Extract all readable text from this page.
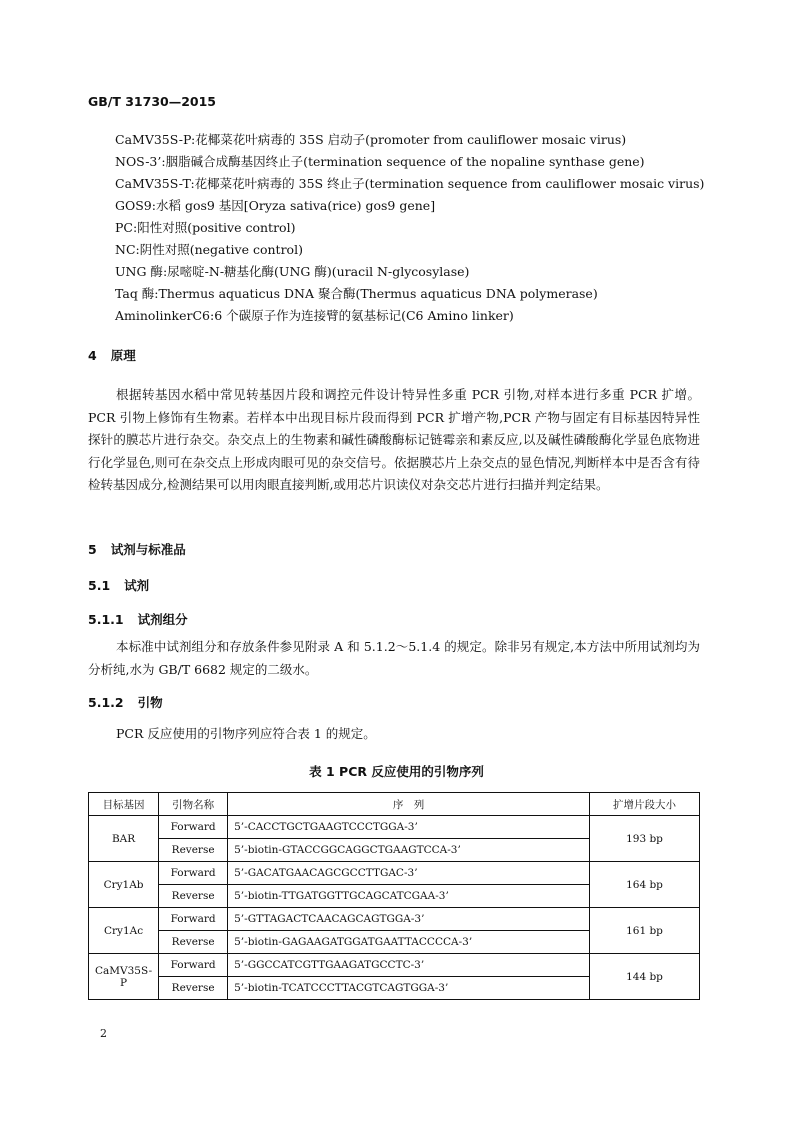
GB/T 31730—2015
CaMV35S-P:花椰菜花叶病毒的 35S 启动子(promoter from cauliflower mosaic virus)
NOS-3’:胭脂碱合成酶基因终止子(termination sequence of the nopaline synthase gene)
CaMV35S-T:花椰菜花叶病毒的 35S 终止子(termination sequence from cauliflower mosaic virus)
GOS9:水稻 gos9 基因[Oryza sativa(rice) gos9 gene]
PC:阳性对照(positive control)
NC:阴性对照(negative control)
UNG 酶:尿嘧啶-N-糖基化酶(UNG 酶)(uracil N-glycosylase)
Taq 酶:Thermus aquaticus DNA 聚合酶(Thermus aquaticus DNA polymerase)
AminolinkerC6:6 个碳原子作为连接臂的氨基标记(C6 Amino linker)
4 原理
根据转基因水稻中常见转基因片段和调控元件设计特异性多重 PCR 引物,对样本进行多重 PCR 扩增。PCR 引物上修饰有生物素。若样本中出现目标片段而得到 PCR 扩增产物,PCR 产物与固定有目标基因特异性探针的膜芯片进行杂交。杂交点上的生物素和碱性磷酸酶标记链霉亲和素反应,以及碱性磷酸酶化学显色底物进行化学显色,则可在杂交点上形成肉眼可见的杂交信号。依据膜芯片上杂交点的显色情况,判断样本中是否含有待检转基因成分,检测结果可以用肉眼直接判断,或用芯片识读仪对杂交芯片进行扫描并判定结果。
5 试剂与标准品
5.1 试剂
5.1.1 试剂组分
本标准中试剂组分和存放条件参见附录 A 和 5.1.2～5.1.4 的规定。除非另有规定,本方法中所用试剂均为分析纯,水为 GB/T 6682 规定的二级水。
5.1.2 引物
PCR 反应使用的引物序列应符合表 1 的规定。
表 1 PCR 反应使用的引物序列
目标基因	引物名称	序　列	扩增片段大小
BAR	Forward	5’-CACCTGCTGAAGTCCCTGGA-3’	193 bp
	Reverse	5’-biotin-GTACCGGCAGGCTGAAGTCCA-3’	
Cry1Ab	Forward	5’-GACATGAACAGCGCCTTGAC-3’	164 bp
	Reverse	5’-biotin-TTGATGGTTGCAGCATCGAA-3’	
Cry1Ac	Forward	5’-GTTAGACTCAACAGCAGTGGA-3’	161 bp
	Reverse	5’-biotin-GAGAAGATGGATGAATTACCCCA-3’	
CaMV35S-P	Forward	5’-GGCCATCGTTGAAGATGCCTC-3’	144 bp
	Reverse	5’-biotin-TCATCCCTTACGTCAGTGGA-3’	
2
